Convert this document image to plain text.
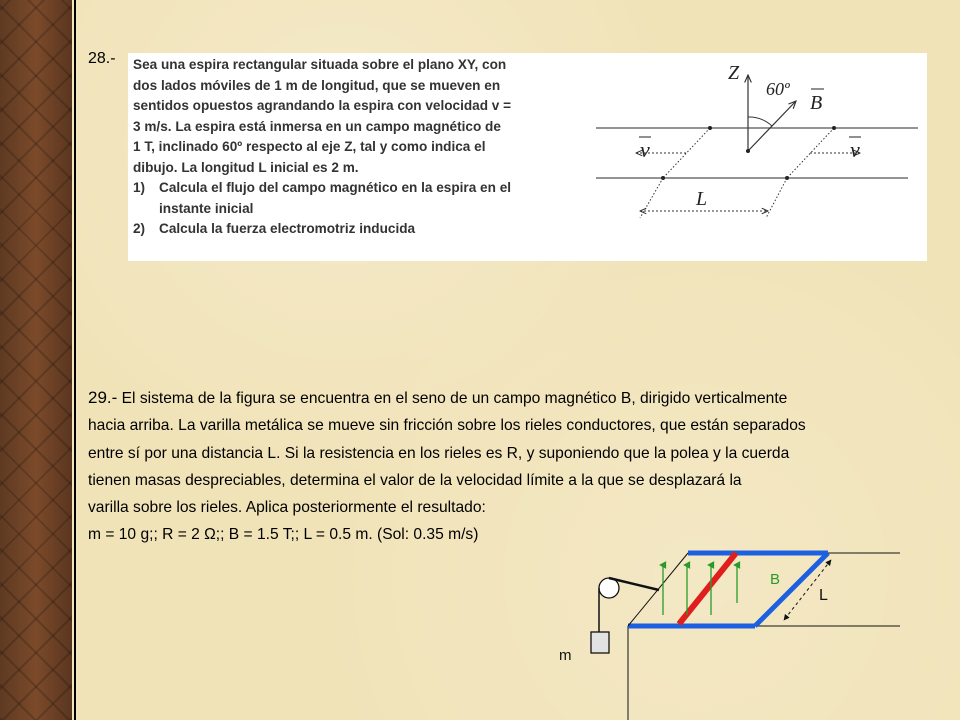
28.- Sea una espira rectangular situada sobre el plano XY, con

dos lados móviles de 1 m de longitud, que se mueven en

sentidos opuestos agrandando la espira con velocidad v =

3 m/s. La espira está inmersa en un campo magnético de

1 T, inclinado 60º respecto al eje Z, tal y como indica el

dibujo. La longitud L inicial es 2 m.

1)	Calcula el flujo del campo magnético en la espira en el
instante inicial
2)	Calcula la fuerza electromotriz inducida
Z
60º
B
v	v
L

29.- El sistema de la figura se encuentra en el seno de un campo magnético B, dirigido verticalmente

hacia arriba. La varilla metálica se mueve sin fricción sobre los rieles conductores, que están separados

entre sí por una distancia L. Si la resistencia en los rieles es R, y suponiendo que la polea y la cuerda

tienen masas despreciables, determina el valor de la velocidad límite a la que se desplazará la

varilla sobre los rieles. Aplica posteriormente el resultado:

m = 10 g;; R = 2 Ω;; B = 1.5 T;; L = 0.5 m. (Sol: 0.35 m/s)

m
B
L
